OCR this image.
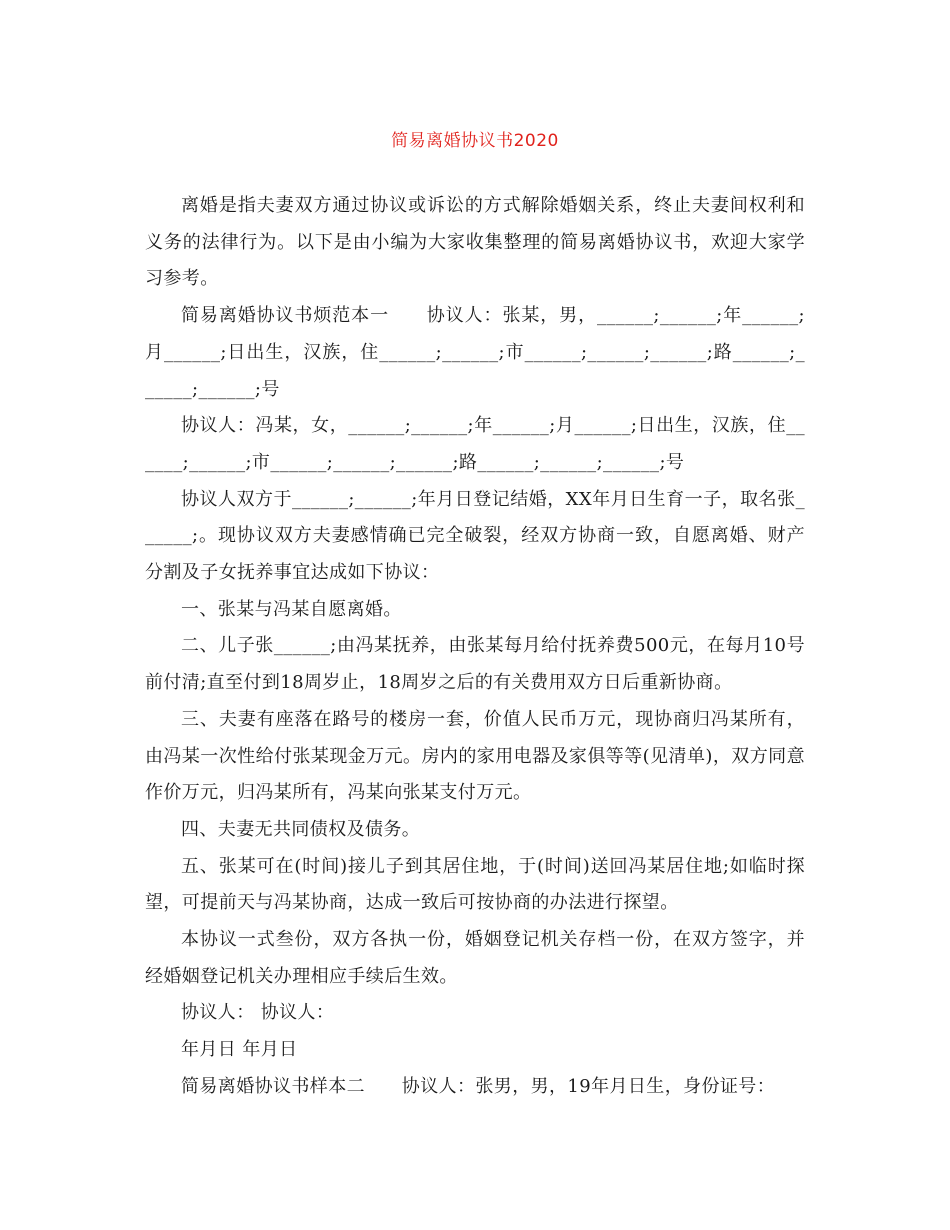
简易离婚协议书2020

离婚是指夫妻双方通过协议或诉讼的方式解除婚姻关系，终止夫妻间权利和义务的法律行为。以下是由小编为大家收集整理的简易离婚协议书，欢迎大家学习参考。

简易离婚协议书烦范本一　　协议人：张某，男，______;______;年______;月______;日出生，汉族，住______;______;市______;______;______;路______;______;______;号

协议人：冯某，女，______;______;年______;月______;日出生，汉族，住______;______;市______;______;______;路______;______;______;号

协议人双方于______;______;年月日登记结婚，XX年月日生育一子，取名张______;。现协议双方夫妻感情确已完全破裂，经双方协商一致，自愿离婚、财产分割及子女抚养事宜达成如下协议：

一、张某与冯某自愿离婚。

二、儿子张______;由冯某抚养，由张某每月给付抚养费500元，在每月10号前付清;直至付到18周岁止，18周岁之后的有关费用双方日后重新协商。

三、夫妻有座落在路号的楼房一套，价值人民币万元，现协商归冯某所有，由冯某一次性给付张某现金万元。房内的家用电器及家俱等等(见清单)，双方同意作价万元，归冯某所有，冯某向张某支付万元。

四、夫妻无共同债权及债务。

五、张某可在(时间)接儿子到其居住地，于(时间)送回冯某居住地;如临时探望，可提前天与冯某协商，达成一致后可按协商的办法进行探望。

本协议一式叁份，双方各执一份，婚姻登记机关存档一份，在双方签字，并经婚姻登记机关办理相应手续后生效。

协议人： 协议人：

年月日 年月日

简易离婚协议书样本二　　协议人：张男，男，19年月日生，身份证号：
